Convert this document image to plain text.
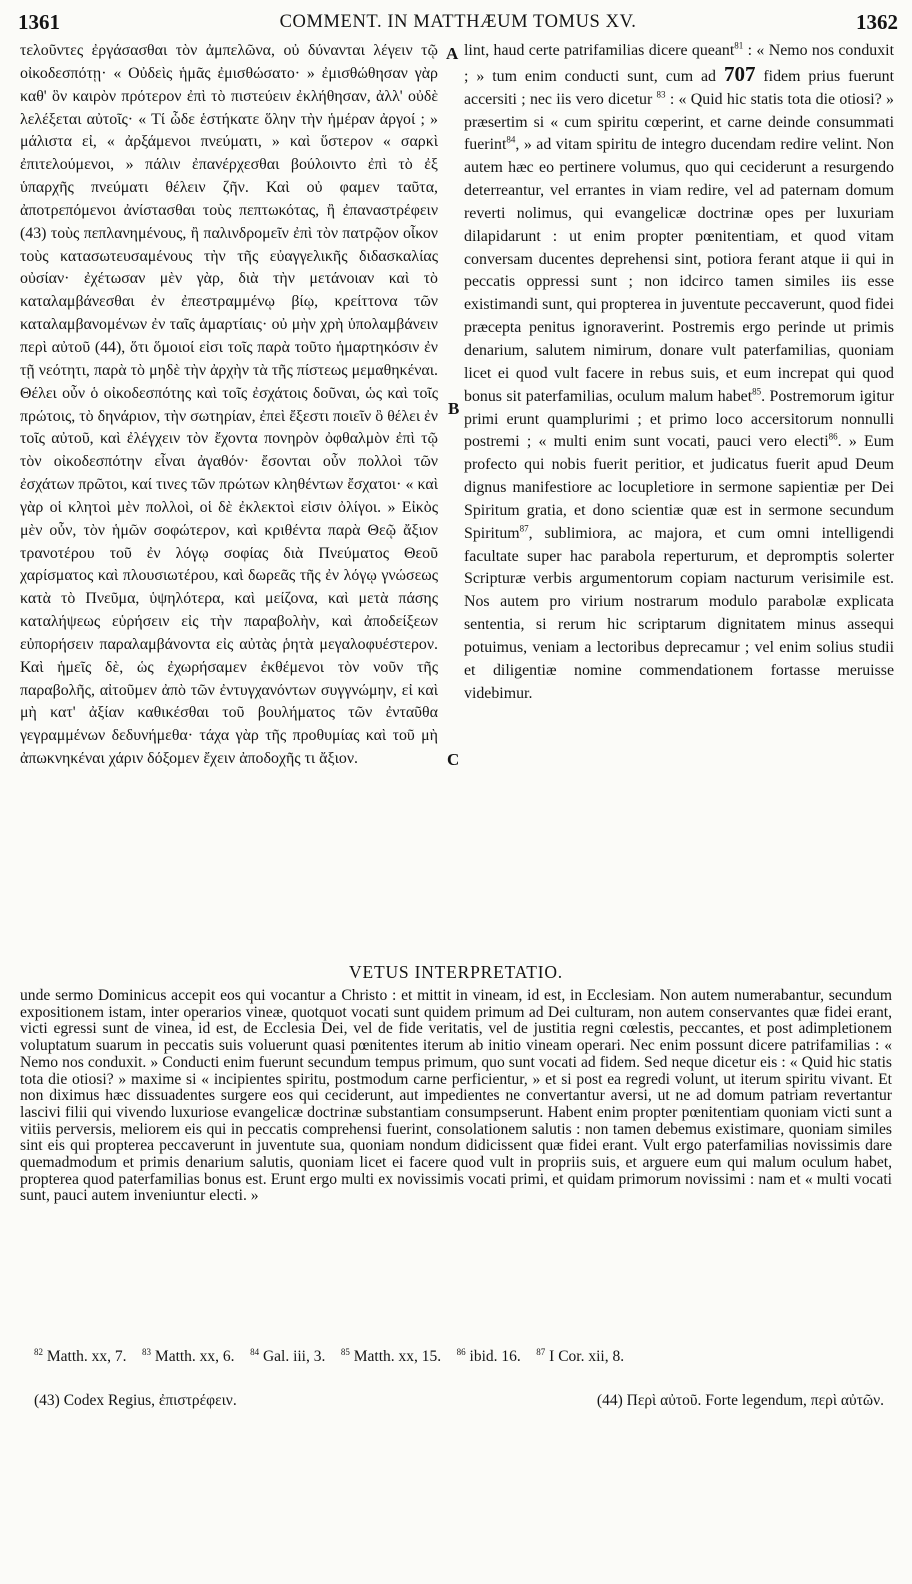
1361	COMMENT. IN MATTHÆUM TOMUS XV.	1362

τελοῦντες ἐργάσασθαι τὸν ἀμπελῶνα, οὐ δύνανται λέγειν τῷ οἰκοδεσπότῃ· « Οὐδεὶς ἡμᾶς ἐμισθώσατο· » ἐμισθώθησαν γὰρ καθ' ὃν καιρὸν πρότερον ἐπὶ τὸ πιστεύειν ἐκλήθησαν, ἀλλ' οὐδὲ λελέξεται αὐτοῖς· « Τί ὧδε ἑστήκατε ὅλην τὴν ἡμέραν ἀργοί ; » μάλιστα εἰ, « ἀρξάμενοι πνεύματι, » καὶ ὕστερον « σαρκὶ ἐπιτελούμενοι, » πάλιν ἐπανέρχεσθαι βούλοιντο ἐπὶ τὸ ἐξ ὑπαρχῆς πνεύματι θέλειν ζῆν. Καὶ οὐ φαμεν ταῦτα, ἀποτρεπόμενοι ἀνίστασθαι τοὺς πεπτωκότας, ἢ ἐπαναστρέφειν (43) τοὺς πεπλανημένους, ἢ παλινδρομεῖν ἐπὶ τὸν πατρῷον οἶκον τοὺς κατασωτευσαμένους τὴν τῆς εὐαγγελικῆς διδασκαλίας οὐσίαν· ἐχέτωσαν μὲν γὰρ, διὰ τὴν μετάνοιαν καὶ τὸ καταλαμβάνεσθαι ἐν ἐπεστραμμένῳ βίῳ, κρείττονα τῶν καταλαμβανομένων ἐν ταῖς ἁμαρτίαις· οὐ μὴν χρὴ ὑπολαμβάνειν περὶ αὐτοῦ (44), ὅτι ὅμοιοί εἰσι τοῖς παρὰ τοῦτο ἡμαρτηκόσιν ἐν τῇ νεότητι, παρὰ τὸ μηδὲ τὴν ἀρχὴν τὰ τῆς πίστεως μεμαθηκέναι. Θέλει οὖν ὁ οἰκοδεσπότης καὶ τοῖς ἐσχάτοις δοῦναι, ὡς καὶ τοῖς πρώτοις, τὸ δηνάριον, τὴν σωτηρίαν, ἐπεὶ ἔξεστι ποιεῖν ὃ θέλει ἐν τοῖς αὐτοῦ, καὶ ἐλέγχειν τὸν ἔχοντα πονηρὸν ὀφθαλμὸν ἐπὶ τῷ τὸν οἰκοδεσπότην εἶναι ἀγαθόν· ἔσονται οὖν πολλοὶ τῶν ἐσχάτων πρῶτοι, καί τινες τῶν πρώτων κληθέντων ἔσχατοι· « καὶ γὰρ οἱ κλητοὶ μὲν πολλοὶ, οἱ δὲ ἐκλεκτοὶ εἰσιν ὀλίγοι. » Εἰκὸς μὲν οὖν, τὸν ἡμῶν σοφώτερον, καὶ κριθέντα παρὰ Θεῷ ἄξιον τρανοτέρου τοῦ ἐν λόγῳ σοφίας διὰ Πνεύματος Θεοῦ χαρίσματος καὶ πλουσιωτέρου, καὶ δωρεᾶς τῆς ἐν λόγῳ γνώσεως κατὰ τὸ Πνεῦμα, ὑψηλότερα, καὶ μείζονα, καὶ μετὰ πάσης καταλήψεως εὑρήσειν εἰς τὴν παραβολὴν, καὶ ἀποδείξεων εὐπορήσειν παραλαμβάνοντα εἰς αὐτὰς ῥητὰ μεγαλοφυέστερον. Καὶ ἡμεῖς δὲ, ὡς ἐχωρήσαμεν ἐκθέμενοι τὸν νοῦν τῆς παραβολῆς, αἰτοῦμεν ἀπὸ τῶν ἐντυγχανόντων συγγνώμην, εἰ καὶ μὴ κατ' ἀξίαν καθικέσθαι τοῦ βουλήματος τῶν ἐνταῦθα γεγραμμένων δεδυνήμεθα· τάχα γὰρ τῆς προθυμίας καὶ τοῦ μὴ ἀπωκνηκέναι χάριν δόξομεν ἔχειν ἀποδοχῆς τι ἄξιον.

A
B
C

lint, haud certe patrifamilias dicere queant$^{81}$ : « Nemo nos conduxit ; » tum enim conducti sunt, cum ad 707 fidem prius fuerunt accersiti ; nec iis vero dicetur $^{83}$ : « Quid hic statis tota die otiosi? » præsertim si « cum spiritu cœperint, et carne deinde consummati fuerint$^{84}$, » ad vitam spiritu de integro ducendam redire velint. Non autem hæc eo pertinere volumus, quo qui ceciderunt a resurgendo deterreantur, vel errantes in viam redire, vel ad paternam domum reverti nolimus, qui evangelicæ doctrinæ opes per luxuriam dilapidarunt : ut enim propter pœnitentiam, et quod vitam conversam ducentes deprehensi sint, potiora ferant atque ii qui in peccatis oppressi sunt ; non idcirco tamen similes iis esse existimandi sunt, qui propterea in juventute peccaverunt, quod fidei præcepta penitus ignoraverint. Postremis ergo perinde ut primis denarium, salutem nimirum, donare vult paterfamilias, quoniam licet ei quod vult facere in rebus suis, et eum increpat qui quod bonus sit paterfamilias, oculum malum habet$^{85}$. Postremorum igitur primi erunt quamplurimi ; et primo loco accersitorum nonnulli postremi ; « multi enim sunt vocati, pauci vero electi$^{86}$. » Eum profecto qui nobis fuerit peritior, et judicatus fuerit apud Deum dignus manifestiore ac locupletiore in sermone sapientiæ per Dei Spiritum gratia, et dono scientiæ quæ est in sermone secundum Spiritum$^{87}$, sublimiora, ac majora, et cum omni intelligendi facultate super hac parabola reperturum, et depromptis solerter Scripturæ verbis argumentorum copiam nacturum verisimile est. Nos autem pro virium nostrarum modulo parabolæ explicata sententia, si rerum hic scriptarum dignitatem minus assequi potuimus, veniam a lectoribus deprecamur ; vel enim solius studii et diligentiæ nomine commendationem fortasse meruisse videbimur.

VETUS INTERPRETATIO.

unde sermo Dominicus accepit eos qui vocantur a Christo : et mittit in vineam, id est, in Ecclesiam. Non autem numerabantur, secundum expositionem istam, inter operarios vineæ, quotquot vocati sunt quidem primum ad Dei culturam, non autem conservantes quæ fidei erant, victi egressi sunt de vinea, id est, de Ecclesia Dei, vel de fide veritatis, vel de justitia regni cœlestis, peccantes, et post adimpletionem voluptatum suarum in peccatis suis voluerunt quasi pœnitentes iterum ab initio vineam operari. Nec enim possunt dicere patrifamilias : « Nemo nos conduxit. » Conducti enim fuerunt secundum tempus primum, quo sunt vocati ad fidem. Sed neque dicetur eis : « Quid hic statis tota die otiosi? » maxime si « incipientes spiritu, postmodum carne perficientur, » et si post ea regredi volunt, ut iterum spiritu vivant. Et non diximus hæc dissuadentes surgere eos qui ceciderunt, aut impedientes ne convertantur aversi, ut ne ad domum patriam revertantur lascivi filii qui vivendo luxuriose evangelicæ doctrinæ substantiam consumpserunt. Habent enim propter pœnitentiam quoniam victi sunt a vitiis perversis, meliorem eis qui in peccatis comprehensi fuerint, consolationem salutis : non tamen debemus existimare, quoniam similes sint eis qui propterea peccaverunt in juventute sua, quoniam nondum didicissent quæ fidei erant. Vult ergo paterfamilias novissimis dare quemadmodum et primis denarium salutis, quoniam licet ei facere quod vult in propriis suis, et arguere eum qui malum oculum habet, propterea quod paterfamilias bonus est. Erunt ergo multi ex novissimis vocati primi, et quidam primorum novissimi : nam et « multi vocati sunt, pauci autem inveniuntur electi. »

$^{82}$ Matth. xx, 7. $^{83}$ Matth. xx, 6. $^{84}$ Gal. iii, 3. $^{85}$ Matth. xx, 15. $^{86}$ ibid. 16. $^{87}$ I Cor. xii, 8.
(43) Codex Regius, ἐπιστρέφειν.	(44) Περὶ αὐτοῦ. Forte legendum, περὶ αὐτῶν.
